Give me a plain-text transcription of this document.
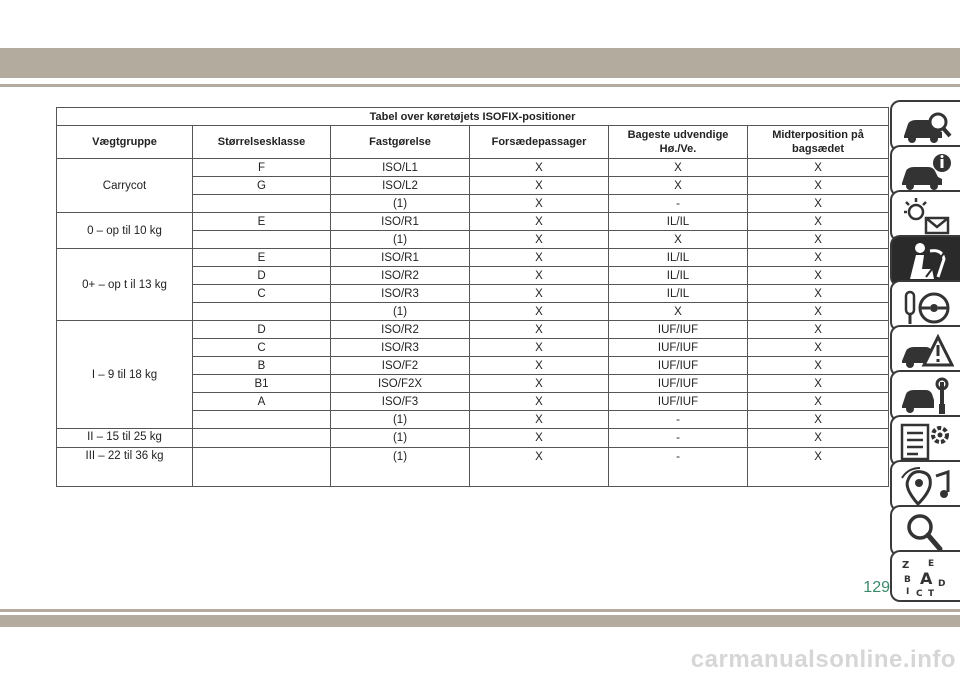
Tabel over køretøjets ISOFIX-positioner					
Vægtgruppe	Størrelsesklasse	Fastgørelse	Forsædepassager	Bageste udvendige Hø./Ve.	Midterposition på bagsædet
Carrycot	F	ISO/L1	X	X	X
	G	ISO/L2	X	X	X
		(1)	X	-	X
0 – op til 10 kg	E	ISO/R1	X	IL/IL	X
		(1)	X	X	X
0+ – op t il 13 kg	E	ISO/R1	X	IL/IL	X
	D	ISO/R2	X	IL/IL	X
	C	ISO/R3	X	IL/IL	X
		(1)	X	X	X
I – 9 til 18 kg	D	ISO/R2	X	IUF/IUF	X
	C	ISO/R3	X	IUF/IUF	X
	B	ISO/F2	X	IUF/IUF	X
	B1	ISO/F2X	X	IUF/IUF	X
	A	ISO/F3	X	IUF/IUF	X
		(1)	X	-	X
II – 15 til 25 kg		(1)	X	-	X
III – 22 til 36 kg		(1)	X	-	X
Z E
B A D
I C T
129
carmanualsonline.info
